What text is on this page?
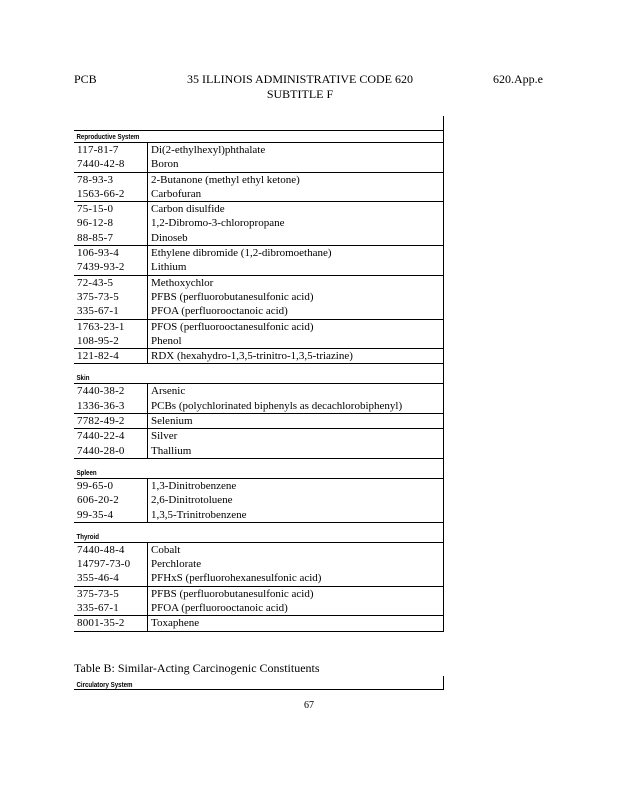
PCB	35 ILLINOIS ADMINISTRATIVE CODE 620
SUBTITLE F
620.App.e
Reproductive System
117-81-7	Di(2-ethylhexyl)phthalate
7440-42-8	Boron
78-93-3	2-Butanone (methyl ethyl ketone)
1563-66-2	Carbofuran
75-15-0	Carbon disulfide
96-12-8	1,2-Dibromo-3-chloropropane
88-85-7	Dinoseb
106-93-4	Ethylene dibromide (1,2-dibromoethane)
7439-93-2	Lithium
72-43-5	Methoxychlor
375-73-5	PFBS (perfluorobutanesulfonic acid)
335-67-1	PFOA (perfluorooctanoic acid)
1763-23-1	PFOS (perfluorooctanesulfonic acid)
108-95-2	Phenol
121-82-4	RDX (hexahydro-1,3,5-trinitro-1,3,5-triazine)
Skin
7440-38-2	Arsenic
1336-36-3	PCBs (polychlorinated biphenyls as decachlorobiphenyl)
7782-49-2	Selenium
7440-22-4	Silver
7440-28-0	Thallium
Spleen
99-65-0	1,3-Dinitrobenzene
606-20-2	2,6-Dinitrotoluene
99-35-4	1,3,5-Trinitrobenzene
Thyroid
7440-48-4	Cobalt
14797-73-0	Perchlorate
355-46-4	PFHxS (perfluorohexanesulfonic acid)
375-73-5	PFBS (perfluorobutanesulfonic acid)
335-67-1	PFOA (perfluorooctanoic acid)
8001-35-2	Toxaphene
Table B: Similar-Acting Carcinogenic Constituents
Circulatory System
67
